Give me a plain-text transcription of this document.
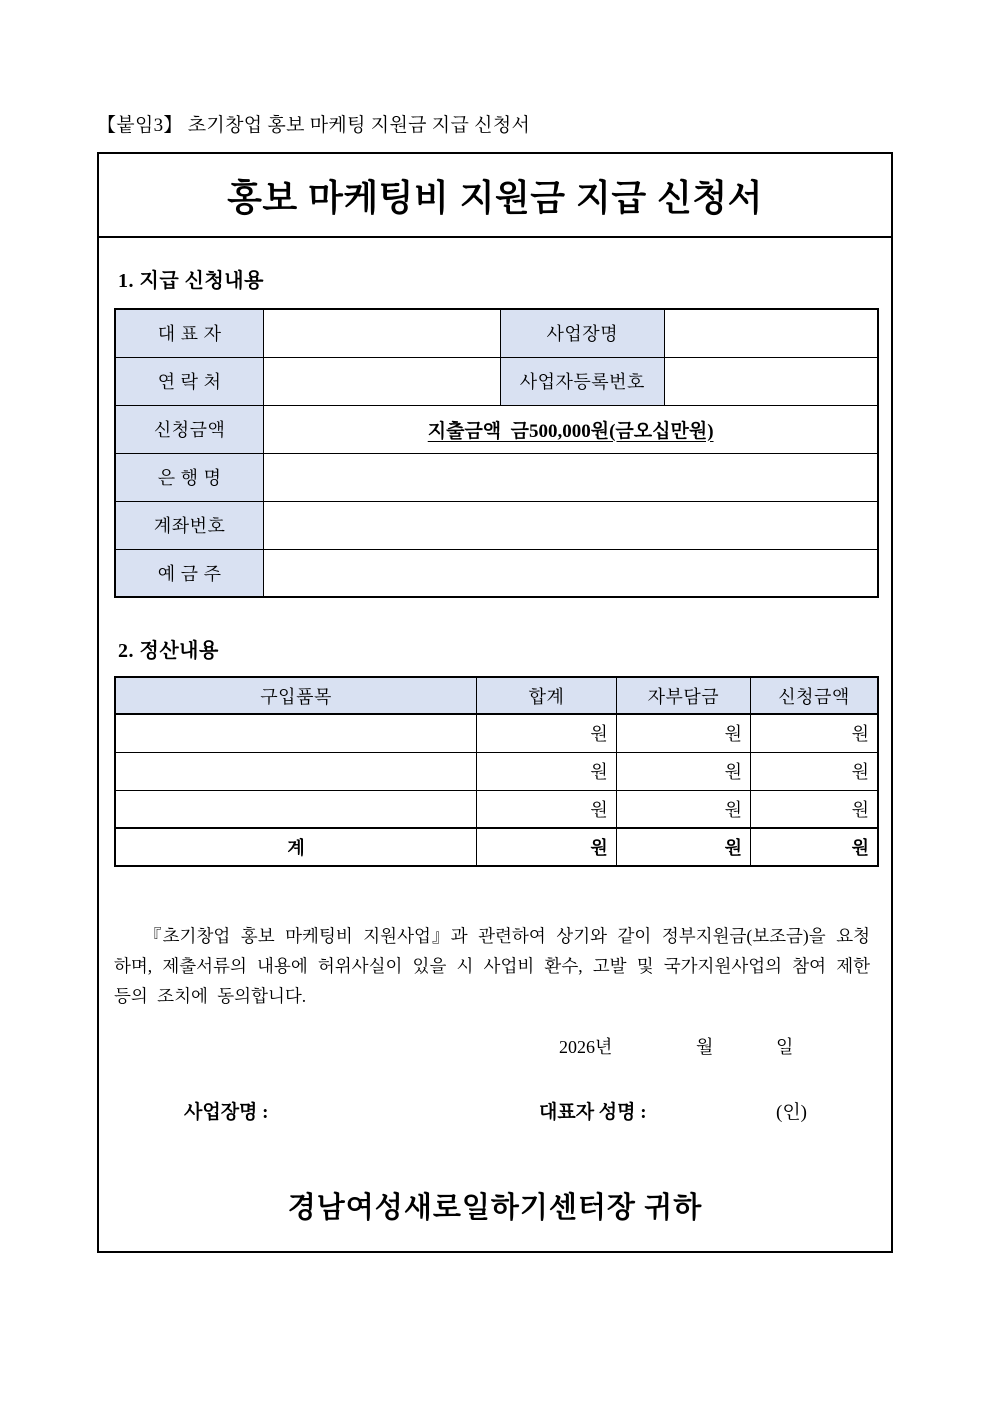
【붙임3】 초기창업 홍보 마케팅 지원금 지급 신청서
홍보 마케팅비 지원금 지급 신청서
1. 지급 신청내용
대 표 자		사업장명	
연 락 처		사업자등록번호	
신청금액	지출금액  금500,000원(금오십만원)		
은 행 명			
계좌번호			
예 금 주			
2. 정산내용
구입품목	합계	자부담금	신청금액
	원	원	원
	원	원	원
	원	원	원
계	원	원	원
『초기창업 홍보 마케팅비 지원사업』과 관련하여 상기와 같이 정부지원금(보조금)을 요청하며, 제출서류의 내용에 허위사실이 있을 시 사업비 환수, 고발 및 국가지원사업의 참여 제한 등의 조치에 동의합니다.
2026년	월	일
사업장명 :	대표자 성명 :	(인)
경남여성새로일하기센터장 귀하
